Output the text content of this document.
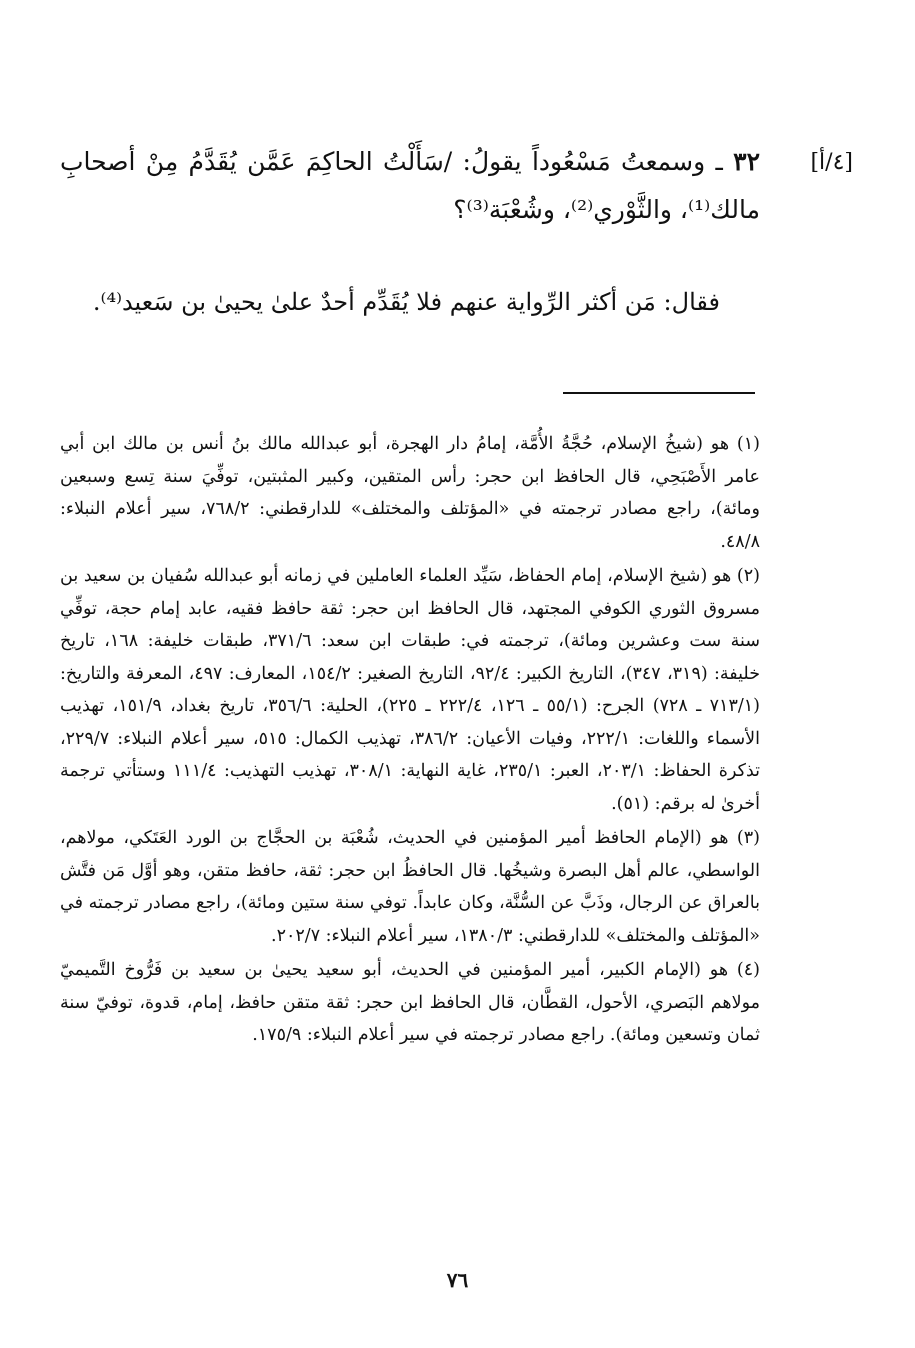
[٤/أ]
٣٢ ـ وسمعتُ مَسْعُوداً يقولُ: /سَأَلْتُ الحاكِمَ عَمَّن يُقَدَّمُ مِنْ أصحابِ مالك⁽¹⁾، والثَّوْري⁽²⁾، وشُعْبَة⁽³⁾؟
فقال: مَن أكثر الرِّواية عنهم فلا يُقَدِّم أحدٌ علىٰ يحيىٰ بن سَعيد⁽⁴⁾.

(١) هو (شيخُ الإسلام، حُجَّةُ الأُمَّة، إمامُ دار الهجرة، أبو عبدالله مالك بنُ أنس بن مالك ابن أبي عامر الأَصْبَحِي، قال الحافظ ابن حجر: رأس المتقين، وكبير المثبتين، توفِّيَ سنة تِسع وسبعين ومائة)، راجع مصادر ترجمته في «المؤتلف والمختلف» للدارقطني: ٧٦٨/٢، سير أعلام النبلاء: ٤٨/٨.

(٢) هو (شيخ الإسلام، إمام الحفاظ، سَيِّد العلماء العاملين في زمانه أبو عبدالله سُفيان بن سعيد بن مسروق الثوري الكوفي المجتهد، قال الحافظ ابن حجر: ثقة حافظ فقيه، عابد إمام حجة، توفِّي سنة ست وعشرين ومائة)، ترجمته في: طبقات ابن سعد: ٣٧١/٦، طبقات خليفة: ١٦٨، تاريخ خليفة: (٣١٩، ٣٤٧)، التاريخ الكبير: ٩٢/٤، التاريخ الصغير: ١٥٤/٢، المعارف: ٤٩٧، المعرفة والتاريخ: (٧١٣/١ ـ ٧٢٨) الجرح: (٥٥/١ ـ ١٢٦، ٢٢٢/٤ ـ ٢٢٥)، الحلية: ٣٥٦/٦، تاريخ بغداد، ١٥١/٩، تهذيب الأسماء واللغات: ٢٢٢/١، وفيات الأعيان: ٣٨٦/٢، تهذيب الكمال: ٥١٥، سير أعلام النبلاء: ٢٢٩/٧، تذكرة الحفاظ: ٢٠٣/١، العبر: ٢٣٥/١، غاية النهاية: ٣٠٨/١، تهذيب التهذيب: ١١١/٤ وستأتي ترجمة أخرىٰ له برقم: (٥١).

(٣) هو (الإمام الحافظ أمير المؤمنين في الحديث، شُعْبَة بن الحجَّاج بن الورد العَتَكي، مولاهم، الواسطي، عالم أهل البصرة وشيخُها. قال الحافظُ ابن حجر: ثقة، حافظ متقن، وهو أوَّل مَن فتَّش بالعراق عن الرجال، وذَبَّ عن السُّنَّة، وكان عابداً. توفي سنة ستين ومائة)، راجع مصادر ترجمته في «المؤتلف والمختلف» للدارقطني: ١٣٨٠/٣، سير أعلام النبلاء: ٢٠٢/٧.

(٤) هو (الإمام الكبير، أمير المؤمنين في الحديث، أبو سعيد يحيىٰ بن سعيد بن فَرُّوخ التَّميميّ مولاهم البَصري، الأحول، القطَّان، قال الحافظ ابن حجر: ثقة متقن حافظ، إمام، قدوة، توفيّ سنة ثمان وتسعين ومائة). راجع مصادر ترجمته في سير أعلام النبلاء: ١٧٥/٩.

٧٦
